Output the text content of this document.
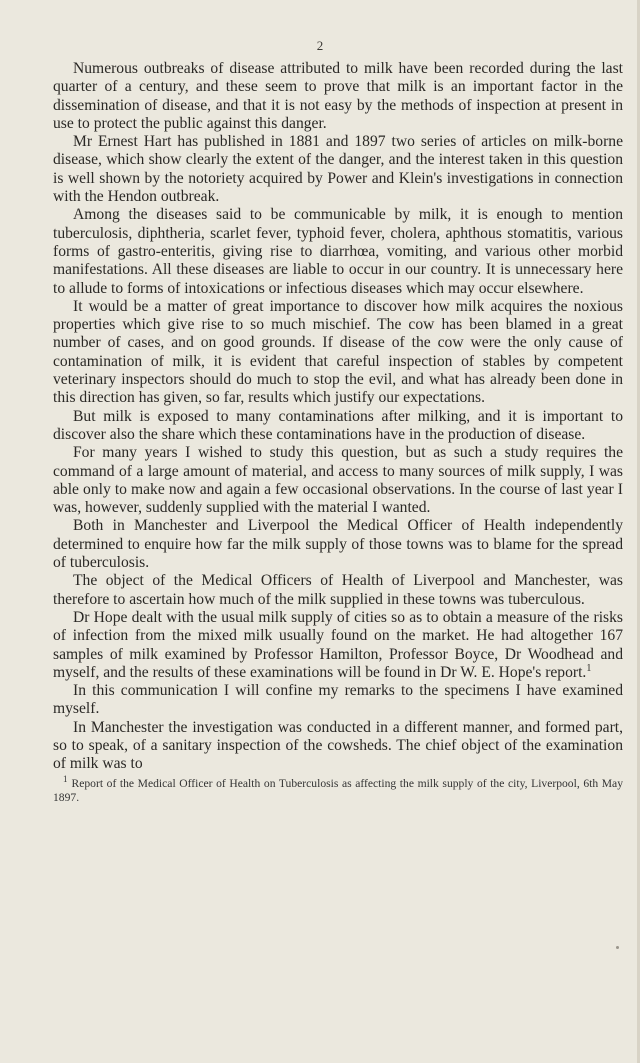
2

Numerous outbreaks of disease attributed to milk have been recorded during the last quarter of a century, and these seem to prove that milk is an important factor in the dissemination of disease, and that it is not easy by the methods of inspection at present in use to protect the public against this danger.

Mr Ernest Hart has published in 1881 and 1897 two series of articles on milk-borne disease, which show clearly the extent of the danger, and the interest taken in this question is well shown by the notoriety acquired by Power and Klein's investigations in connection with the Hendon outbreak.

Among the diseases said to be communicable by milk, it is enough to mention tuberculosis, diphtheria, scarlet fever, typhoid fever, cholera, aphthous stomatitis, various forms of gastro-enteritis, giving rise to diarrhœa, vomiting, and various other morbid manifestations. All these diseases are liable to occur in our country. It is unnecessary here to allude to forms of intoxications or infectious diseases which may occur elsewhere.

It would be a matter of great importance to discover how milk acquires the noxious properties which give rise to so much mischief. The cow has been blamed in a great number of cases, and on good grounds. If disease of the cow were the only cause of contamination of milk, it is evident that careful inspection of stables by competent veterinary inspectors should do much to stop the evil, and what has already been done in this direction has given, so far, results which justify our expectations.

But milk is exposed to many contaminations after milking, and it is important to discover also the share which these contaminations have in the production of disease.

For many years I wished to study this question, but as such a study requires the command of a large amount of material, and access to many sources of milk supply, I was able only to make now and again a few occasional observations. In the course of last year I was, however, suddenly supplied with the material I wanted.

Both in Manchester and Liverpool the Medical Officer of Health independently determined to enquire how far the milk supply of those towns was to blame for the spread of tuberculosis.

The object of the Medical Officers of Health of Liverpool and Manchester, was therefore to ascertain how much of the milk supplied in these towns was tuberculous.

Dr Hope dealt with the usual milk supply of cities so as to obtain a measure of the risks of infection from the mixed milk usually found on the market. He had altogether 167 samples of milk examined by Professor Hamilton, Professor Boyce, Dr Woodhead and myself, and the results of these examinations will be found in Dr W. E. Hope's report.$^1$

In this communication I will confine my remarks to the specimens I have examined myself.

In Manchester the investigation was conducted in a different manner, and formed part, so to speak, of a sanitary inspection of the cowsheds. The chief object of the examination of milk was to

$^1$ Report of the Medical Officer of Health on Tuberculosis as affecting the milk supply of the city, Liverpool, 6th May 1897.
